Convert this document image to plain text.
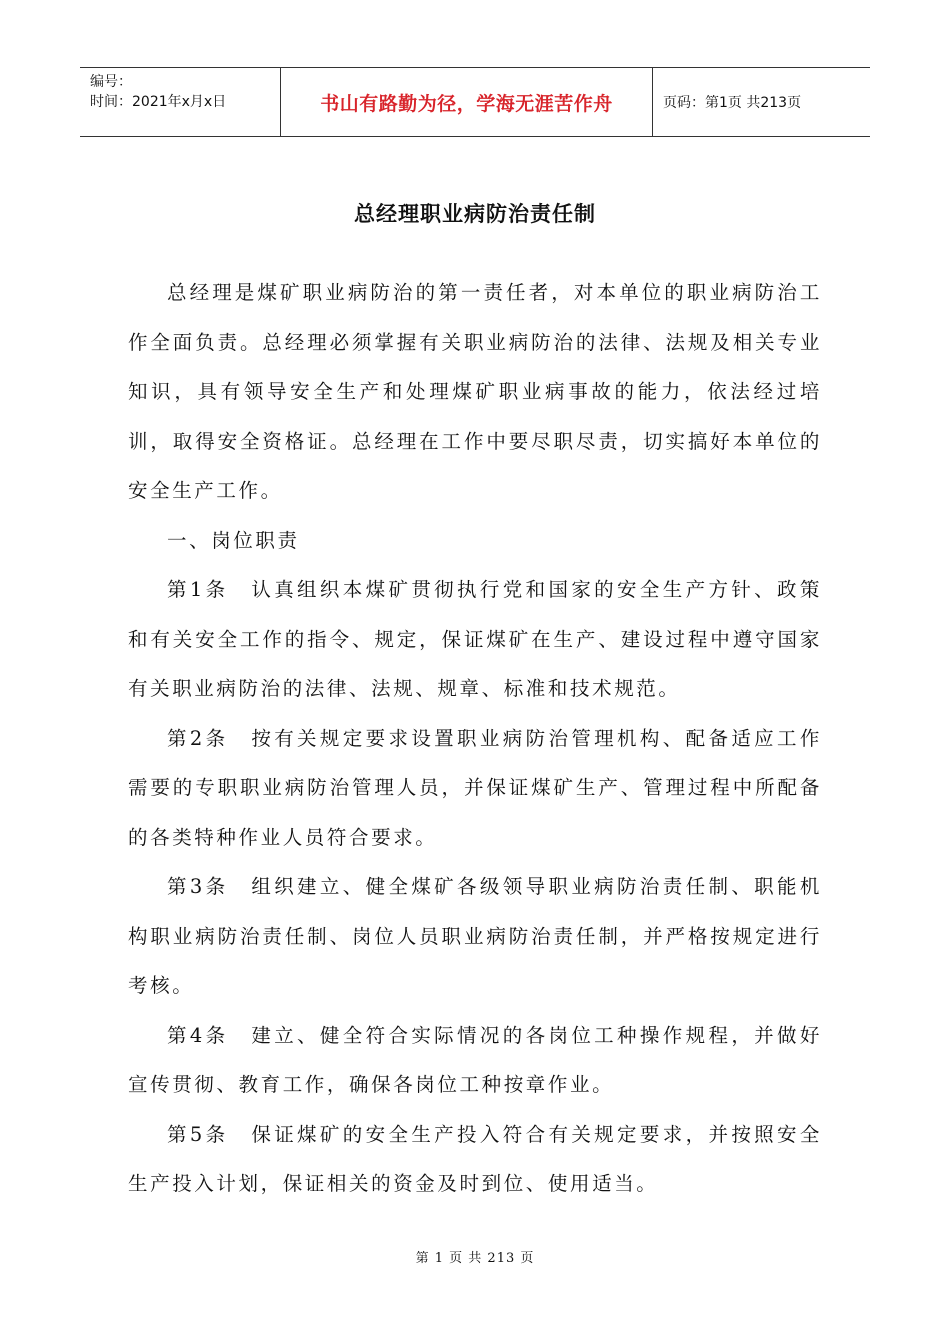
编号：
时间：2021年x月x日	书山有路勤为径，学海无涯苦作舟	页码：第1页 共213页
总经理职业病防治责任制

总经理是煤矿职业病防治的第一责任者，对本单位的职业病防治工作全面负责。总经理必须掌握有关职业病防治的法律、法规及相关专业知识，具有领导安全生产和处理煤矿职业病事故的能力，依法经过培训，取得安全资格证。总经理在工作中要尽职尽责，切实搞好本单位的安全生产工作。

一、岗位职责

第1条　认真组织本煤矿贯彻执行党和国家的安全生产方针、政策和有关安全工作的指令、规定，保证煤矿在生产、建设过程中遵守国家有关职业病防治的法律、法规、规章、标准和技术规范。

第2条　按有关规定要求设置职业病防治管理机构、配备适应工作需要的专职职业病防治管理人员，并保证煤矿生产、管理过程中所配备的各类特种作业人员符合要求。

第3条　组织建立、健全煤矿各级领导职业病防治责任制、职能机构职业病防治责任制、岗位人员职业病防治责任制，并严格按规定进行考核。

第4条　建立、健全符合实际情况的各岗位工种操作规程，并做好宣传贯彻、教育工作，确保各岗位工种按章作业。

第5条　保证煤矿的安全生产投入符合有关规定要求，并按照安全生产投入计划，保证相关的资金及时到位、使用适当。

第 1 页 共 213 页
